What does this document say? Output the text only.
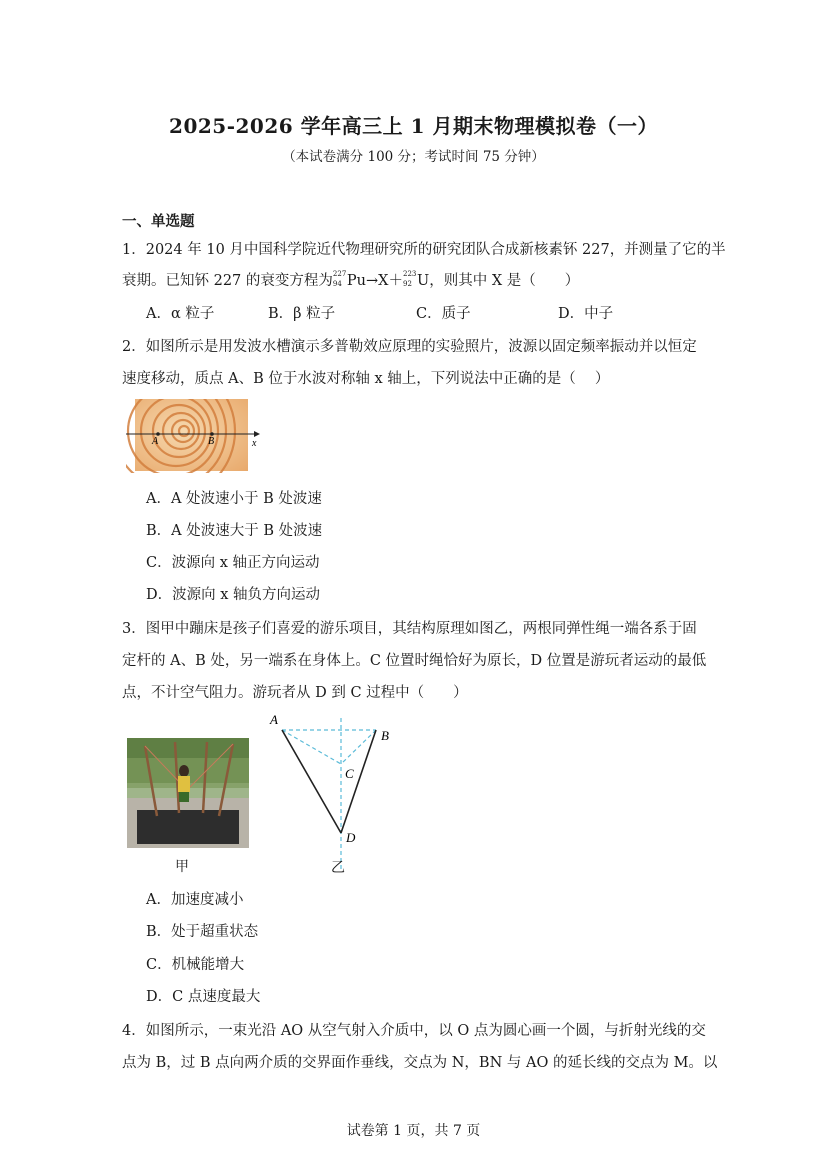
2025-2026 学年高三上 1 月期末物理模拟卷（一）
（本试卷满分 100 分；考试时间 75 分钟）
一、单选题
1．2024 年 10 月中国科学院近代物理研究所的研究团队合成新核素钚 227，并测量了它的半
衰期。已知钚 227 的衰变方程为 227
94 Pu→X＋ 223
92 U，则其中 X 是（　　）
A．α 粒子	B．β 粒子	C．质子	D．中子
2．如图所示是用发波水槽演示多普勒效应原理的实验照片，波源以固定频率振动并以恒定
速度移动，质点 A、B 位于水波对称轴 x 轴上，下列说法中正确的是（　 ）
A	B	x
A．A 处波速小于 B 处波速
B．A 处波速大于 B 处波速
C．波源向 x 轴正方向运动
D．波源向 x 轴负方向运动
3．图甲中蹦床是孩子们喜爱的游乐项目，其结构原理如图乙，两根同弹性绳一端各系于固
定杆的 A、B 处，另一端系在身体上。C 位置时绳恰好为原长，D 位置是游玩者运动的最低
点，不计空气阻力。游玩者从 D 到 C 过程中（　　）
甲
A
B
C
D
乙
A．加速度减小
B．处于超重状态
C．机械能增大
D．C 点速度最大
4．如图所示，一束光沿 AO 从空气射入介质中，以 O 点为圆心画一个圆，与折射光线的交
点为 B，过 B 点向两介质的交界面作垂线，交点为 N，BN 与 AO 的延长线的交点为 M。以
试卷第 1 页，共 7 页
